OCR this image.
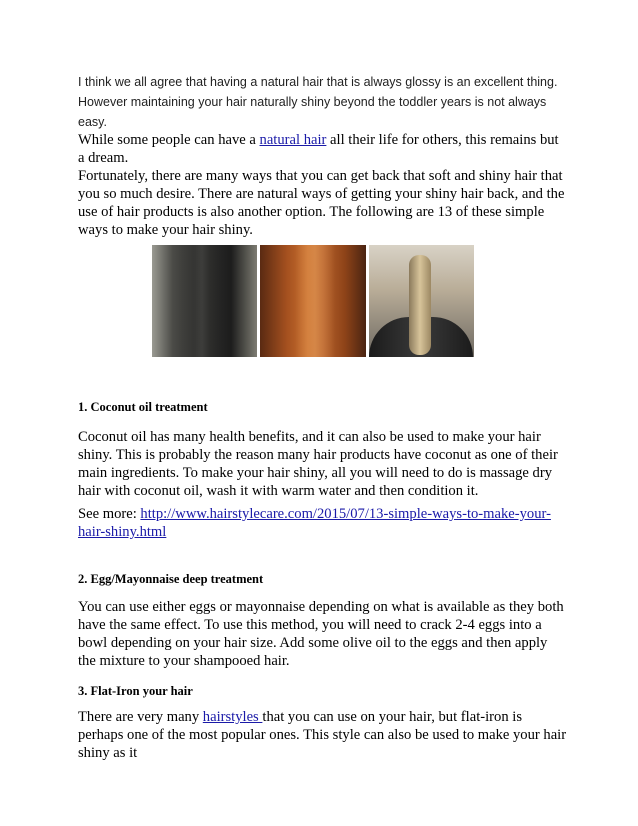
I think we all agree that having a natural hair that is always glossy is an excellent thing.

However maintaining your hair naturally shiny beyond the toddler years is not always

easy.

While some people can have a natural hair all their life for others, this remains but a dream.

Fortunately, there are many ways that you can get back that soft and shiny hair that you so much desire. There are natural ways of getting your shiny hair back, and the use of hair products is also another option. The following are 13 of these simple ways to make your hair shiny.

1. Coconut oil treatment

Coconut oil has many health benefits, and it can also be used to make your hair shiny. This is probably the reason many hair products have coconut as one of their main ingredients. To make your hair shiny, all you will need to do is massage dry hair with coconut oil, wash it with warm water and then condition it.

See more: http://www.hairstylecare.com/2015/07/13-simple-ways-to-make-your-hair-shiny.html

2. Egg/Mayonnaise deep treatment

You can use either eggs or mayonnaise depending on what is available as they both have the same effect. To use this method, you will need to crack 2-4 eggs into a bowl depending on your hair size. Add some olive oil to the eggs and then apply the mixture to your shampooed hair.

3. Flat-Iron your hair

There are very many hairstyles that you can use on your hair, but flat-iron is perhaps one of the most popular ones. This style can also be used to make your hair shiny as it
